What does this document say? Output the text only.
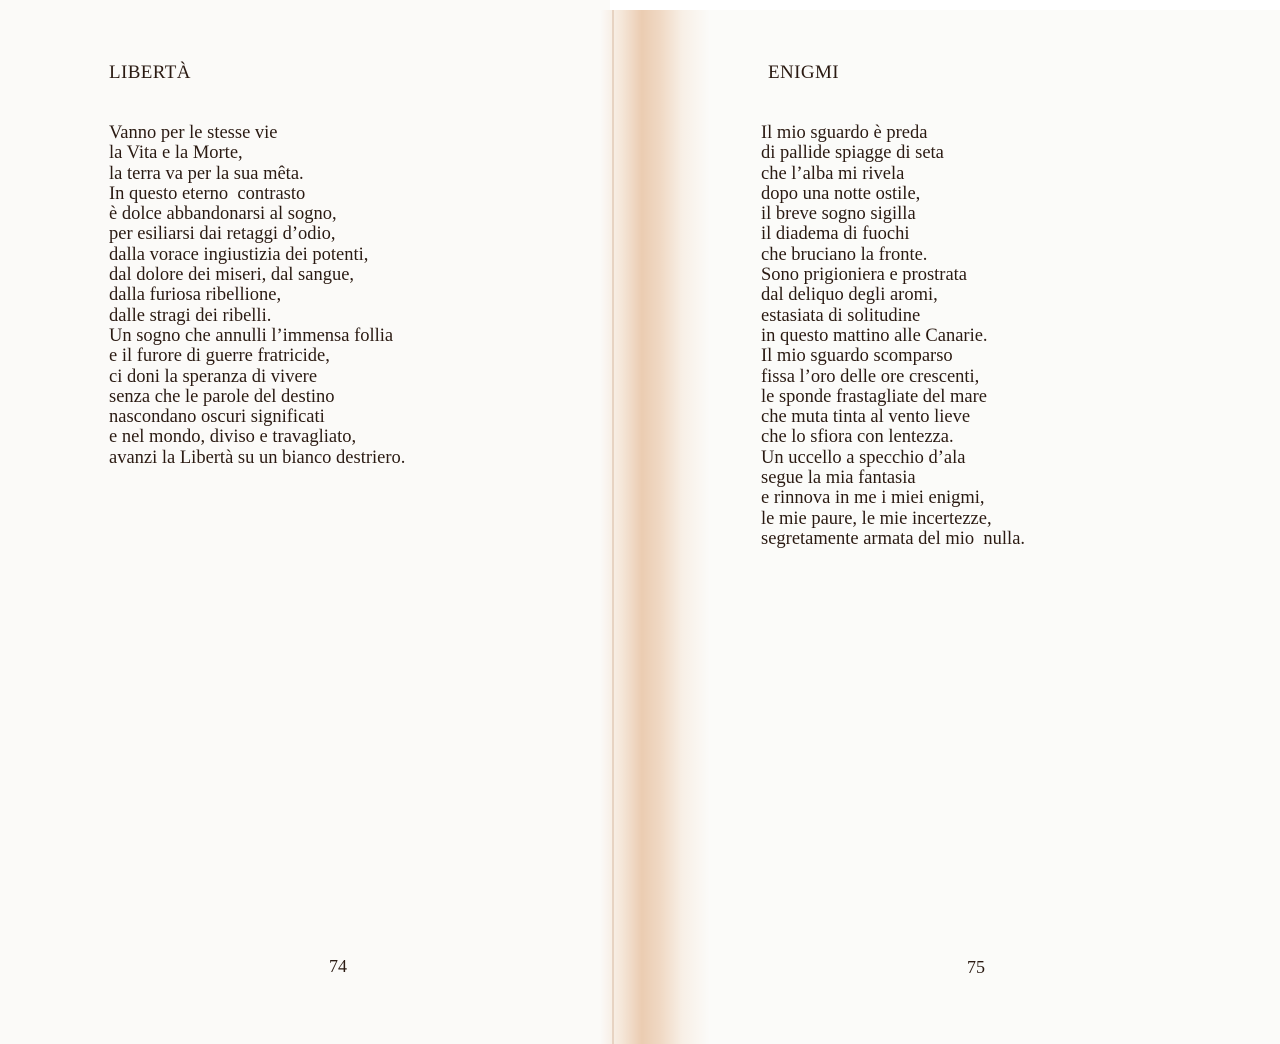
LIBERTÀ
Vanno per le stesse vie
la Vita e la Morte,
la terra va per la sua mêta.
In questo eterno  contrasto
è dolce abbandonarsi al sogno,
per esiliarsi dai retaggi d’odio,
dalla vorace ingiustizia dei potenti,
dal dolore dei miseri, dal sangue,
dalla furiosa ribellione,
dalle stragi dei ribelli.
Un sogno che annulli l’immensa follia
e il furore di guerre fratricide,
ci doni la speranza di vivere
senza che le parole del destino
nascondano oscuri significati
e nel mondo, diviso e travagliato,
avanzi la Libertà su un bianco destriero.
74
ENIGMI
Il mio sguardo è preda
di pallide spiagge di seta
che l’alba mi rivela
dopo una notte ostile,
il breve sogno sigilla
il diadema di fuochi
che bruciano la fronte.
Sono prigioniera e prostrata
dal deliquo degli aromi,
estasiata di solitudine
in questo mattino alle Canarie.
Il mio sguardo scomparso
fissa l’oro delle ore crescenti,
le sponde frastagliate del mare
che muta tinta al vento lieve
che lo sfiora con lentezza.
Un uccello a specchio d’ala
segue la mia fantasia
e rinnova in me i miei enigmi,
le mie paure, le mie incertezze,
segretamente armata del mio  nulla.
75
